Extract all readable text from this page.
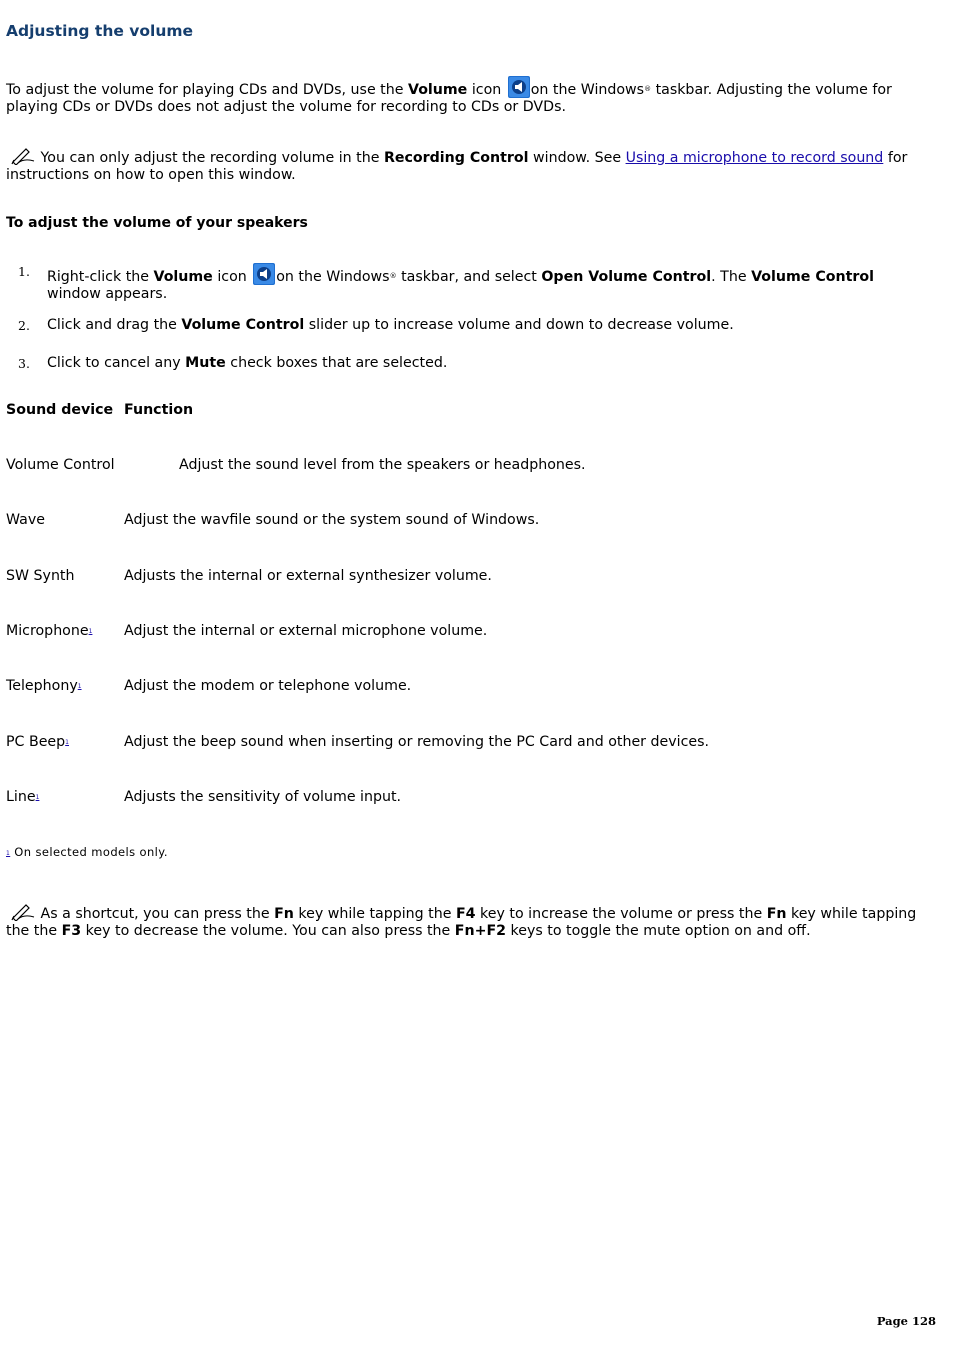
Adjusting the volume
To adjust the volume for playing CDs and DVDs, use the Volume icon on the Windows® taskbar. Adjusting the volume for playing CDs or DVDs does not adjust the volume for recording to CDs or DVDs.
You can only adjust the recording volume in the Recording Control window. See Using a microphone to record sound for instructions on how to open this window.
To adjust the volume of your speakers
1. Right-click the Volume icon on the Windows® taskbar, and select Open Volume Control. The Volume Control window appears.
2. Click and drag the Volume Control slider up to increase volume and down to decrease volume.
3. Click to cancel any Mute check boxes that are selected.
Sound device Function
Volume Control	Adjust the sound level from the speakers or headphones.
Wave	Adjust the wavfile sound or the system sound of Windows.
SW Synth	Adjusts the internal or external synthesizer volume.
Microphone1 Adjust the internal or external microphone volume.
Telephony1	Adjust the modem or telephone volume.
PC Beep1	Adjust the beep sound when inserting or removing the PC Card and other devices.
Line1	Adjusts the sensitivity of volume input.
1 On selected models only.
As a shortcut, you can press the Fn key while tapping the F4 key to increase the volume or press the Fn key while tapping the the F3 key to decrease the volume. You can also press the Fn+F2 keys to toggle the mute option on and off.
Page 128
